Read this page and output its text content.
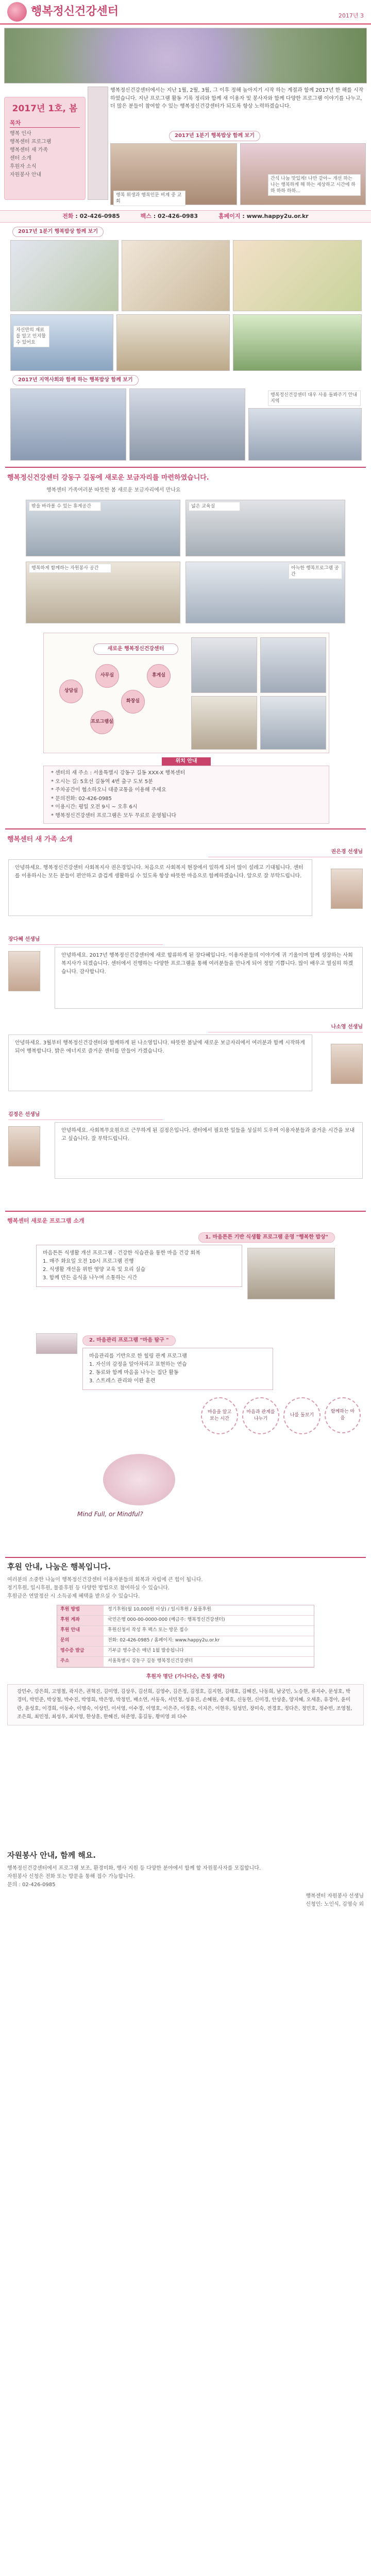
행복정신건강센터	2017년 3
2017년 1호, 봄
목차
행복 인사
행복센터 프로그램
행복센터 새 가족
센터 소개
후원자 소식
자원봉사 안내
행복정신건강센터에서는 지난 1월, 2월, 3월, 그 이후 정해 높아지기 시작 하는 계절과 함께 2017년 한 해를 시작하였습니다. 지난 프로그램 활동 기록 정리와 함께 새 이용자 및 봉사자와 함께 다양한 프로그램 이야기를 나누고, 더 많은 분들이 참여할 수 있는 행복정신건강센터가 되도록 항상 노력하겠습니다.
2017년 1분기 행복밥상 함께 보기
행복 위생과 행복인문 비계 중 교회
간식 나눔 맛있게! 나만 같아~ 개선 하는 나는 행복하게 해 하는 세상하고 시간에 하하 하하 하하...
전화 : 02-426-0985	팩스 : 02-426-0983	홈페이지 : www.happy2u.or.kr
2017년 1분기 행복밥상 함께 보기
자신만의 재료를 알고 인지할 수 있어요
2017년 지역사회와 함께 하는 행복밥상 함께 보기
행복정신건강센터 대우 사용 돌봐주기 안내 지역
행복정신건강센터 강동구 길동에 새로운 보금자리를 마련하였습니다.
행복센터 가족여러분 따뜻한 봄 새로운 보금자리에서 만나요
밖을 바라볼 수 있는 휴게공간	넓은 교육실
행복하게 함께하는 자원봉사 공간	아늑한 행복프로그램 공간
새로운 행복정신건강센터
상담실
사무실
화장실
프로그램실
휴게실
위치 안내
* 센터의 새 주소 : 서울특별시 강동구 길동 XXX-X 행복센터
* 오시는 길: 5호선 길동역 4번 출구 도보 5분
* 주차공간이 협소하오니 대중교통을 이용해 주세요
* 문의전화: 02-426-0985
* 이용시간: 평일 오전 9시 ~ 오후 6시
* 행복정신건강센터 프로그램은 모두 무료로 운영됩니다
행복센터 새 가족 소개
권은경 선생님
안녕하세요. 행복정신건강센터 사회복지사 권은경입니다. 처음으로 사회복지 현장에서 일하게 되어 많이 설레고 기대됩니다. 센터를 이용하시는 모든 분들이 편안하고 즐겁게 생활하실 수 있도록 항상 따뜻한 마음으로 함께하겠습니다. 앞으로 잘 부탁드립니다.
장다혜 선생님
안녕하세요. 2017년 행복정신건강센터에 새로 합류하게 된 장다혜입니다. 이용자분들의 이야기에 귀 기울이며 함께 성장하는 사회복지사가 되겠습니다. 센터에서 진행하는 다양한 프로그램을 통해 여러분들을 만나게 되어 정말 기쁩니다. 많이 배우고 열심히 하겠습니다. 감사합니다.
나소영 선생님
안녕하세요. 3월부터 행복정신건강센터와 함께하게 된 나소영입니다. 따뜻한 봄날에 새로운 보금자리에서 여러분과 함께 시작하게 되어 행복합니다. 밝은 에너지로 즐거운 센터를 만들어 가겠습니다.
김정은 선생님
안녕하세요. 사회복무요원으로 근무하게 된 김정은입니다. 센터에서 필요한 일들을 성실히 도우며 이용자분들과 즐거운 시간을 보내고 싶습니다. 잘 부탁드립니다.
행복센터 새로운 프로그램 소개
1. 마음튼튼 기반 식생활 프로그램 운영 "행복한 밥상"
마음튼튼 식생활 개선 프로그램 - 건강한 식습관을 통한 마음 건강 회복
1. 매주 화요일 오전 10시 프로그램 진행
2. 식생활 개선을 위한 영양 교육 및 요리 실습
3. 함께 만든 음식을 나누며 소통하는 시간
2. 마음관리 프로그램 "마음 탐구 "
마음관리를 기반으로 한 힐링 관계 프로그램
1. 자신의 감정을 알아차리고 표현하는 연습
2. 동료와 함께 마음을 나누는 집단 활동
3. 스트레스 관리와 이완 훈련
마음을 알고 보는 시간
마음과 관계를 나누기
나를 돌보기
함께하는 마음
Mind Full, or Mindful?
후원 안내, 나눔은 행복입니다.
여러분의 소중한 나눔이 행복정신건강센터 이용자분들의 회복과 자립에 큰 힘이 됩니다.
정기후원, 일시후원, 물품후원 등 다양한 방법으로 참여하실 수 있습니다.
후원금은 연말정산 시 소득공제 혜택을 받으실 수 있습니다.
후원 방법	정기후원(월 10,000원 이상) / 일시후원 / 물품후원
후원 계좌	국민은행 000-00-0000-000 (예금주: 행복정신건강센터)
후원 안내	후원신청서 작성 후 팩스 또는 방문 접수
문의	전화: 02-426-0985 / 홈페이지: www.happy2u.or.kr
영수증 발급	기부금 영수증은 매년 1월 발송됩니다
주소	서울특별시 강동구 길동 행복정신건강센터
후원자 명단 (가나다순, 존칭 생략)
강민수, 강은희, 고영철, 곽지은, 권혁진, 김미영, 김상우, 김선희, 김영수, 김은정, 김정호, 김지현, 김태호, 김혜진, 나동희, 남궁민, 노승현, 류지수, 문성호, 박경미, 박민준, 박상철, 박수진, 박영희, 박은영, 박정민, 배소연, 서동욱, 서민정, 성유진, 손혜원, 송재호, 신동현, 신미경, 안상훈, 양지혜, 오세훈, 유경아, 윤미란, 윤성호, 이경희, 이동수, 이명숙, 이상민, 이서영, 이수경, 이영호, 이은주, 이정훈, 이지은, 이현우, 임성민, 장미숙, 전경호, 정다은, 정민호, 정수빈, 조영철, 조은희, 최민정, 최성우, 최지영, 한상훈, 한혜진, 허준영, 홍길동, 황미영 외 다수
자원봉사 안내, 함께 해요.
행복정신건강센터에서 프로그램 보조, 환경미화, 행사 지원 등 다양한 분야에서 함께 할 자원봉사자를 모집합니다.
자원봉사 신청은 전화 또는 방문을 통해 접수 가능합니다.
문의 : 02-426-0985
행복센터 자원봉사 선생님
신청인: 노인식, 김영숙 외
